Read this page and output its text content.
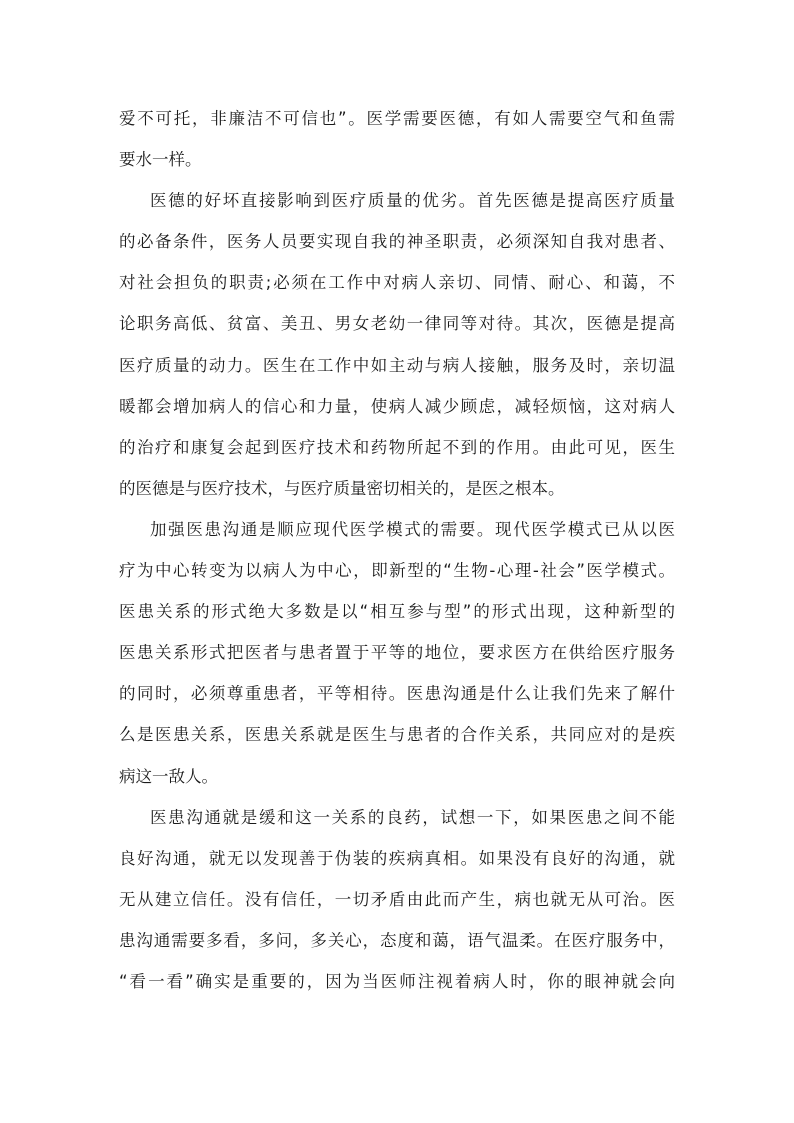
爱不可托，非廉洁不可信也”。医学需要医德，有如人需要空气和鱼需
要水一样。
医德的好坏直接影响到医疗质量的优劣。首先医德是提高医疗质量
的必备条件，医务人员要实现自我的神圣职责，必须深知自我对患者、
对社会担负的职责;必须在工作中对病人亲切、同情、耐心、和蔼，不
论职务高低、贫富、美丑、男女老幼一律同等对待。其次，医德是提高
医疗质量的动力。医生在工作中如主动与病人接触，服务及时，亲切温
暖都会增加病人的信心和力量，使病人减少顾虑，减轻烦恼，这对病人
的治疗和康复会起到医疗技术和药物所起不到的作用。由此可见，医生
的医德是与医疗技术，与医疗质量密切相关的，是医之根本。
加强医患沟通是顺应现代医学模式的需要。现代医学模式已从以医
疗为中心转变为以病人为中心，即新型的“生物-心理-社会”医学模式。
医患关系的形式绝大多数是以“相互参与型”的形式出现，这种新型的
医患关系形式把医者与患者置于平等的地位，要求医方在供给医疗服务
的同时，必须尊重患者，平等相待。医患沟通是什么让我们先来了解什
么是医患关系，医患关系就是医生与患者的合作关系，共同应对的是疾
病这一敌人。
医患沟通就是缓和这一关系的良药，试想一下，如果医患之间不能
良好沟通，就无以发现善于伪装的疾病真相。如果没有良好的沟通，就
无从建立信任。没有信任，一切矛盾由此而产生，病也就无从可治。医
患沟通需要多看，多问，多关心，态度和蔼，语气温柔。在医疗服务中，
“看一看”确实是重要的，因为当医师注视着病人时，你的眼神就会向
